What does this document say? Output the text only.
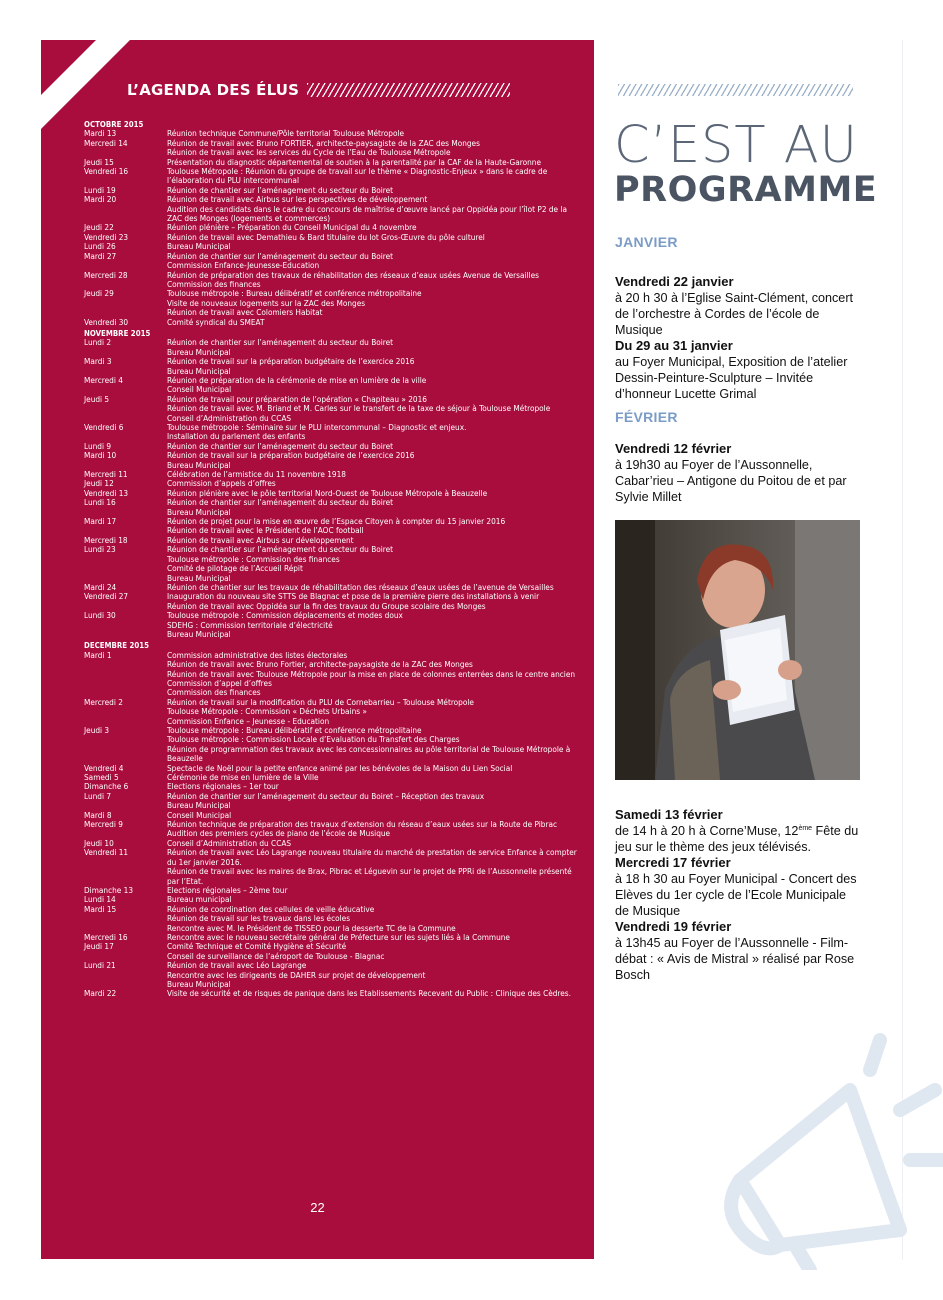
22
L’AGENDA DES ÉLUS
OCTOBRE 2015
Mardi 13	Réunion technique Commune/Pôle territorial Toulouse Métropole
Mercredi 14	Réunion de travail avec Bruno FORTIER, architecte-paysagiste de la ZAC des Monges
Réunion de travail avec les services du Cycle de l’Eau de Toulouse Métropole
Jeudi 15	Présentation du diagnostic départemental de soutien à la parentalité par la CAF de la Haute-Garonne
Vendredi 16	Toulouse Métropole : Réunion du groupe de travail sur le thème « Diagnostic-Enjeux » dans le cadre de l’élaboration du PLU intercommunal
Lundi 19	Réunion de chantier sur l’aménagement du secteur du Boiret
Mardi 20	Réunion de travail avec Airbus sur les perspectives de développement
Audition des candidats dans le cadre du concours de maîtrise d’œuvre lancé par Oppidéa pour l’îlot P2 de la ZAC des Monges (logements et commerces)
Jeudi 22	Réunion plénière – Préparation du Conseil Municipal du 4 novembre
Vendredi 23	Réunion de travail avec Demathieu & Bard titulaire du lot Gros-Œuvre du pôle culturel
Lundi 26	Bureau Municipal
Mardi 27	Réunion de chantier sur l’aménagement du secteur du Boiret
Commission Enfance-Jeunesse-Education
Mercredi 28	Réunion de préparation des travaux de réhabilitation des réseaux d’eaux usées Avenue de Versailles
Commission des finances
Jeudi 29	Toulouse métropole : Bureau délibératif et conférence métropolitaine
Visite de nouveaux logements sur la ZAC des Monges
Réunion de travail avec Colomiers Habitat
Vendredi 30	Comité syndical du SMEAT
NOVEMBRE 2015
Lundi 2	Réunion de chantier sur l’aménagement du secteur du Boiret
Bureau Municipal
Mardi 3	Réunion de travail sur la préparation budgétaire de l’exercice 2016
Bureau Municipal
Mercredi 4	Réunion de préparation de la cérémonie de mise en lumière de la ville
Conseil Municipal
Jeudi 5	Réunion de travail pour préparation de l’opération « Chapiteau » 2016
Réunion de travail avec M. Briand et M. Carles sur le transfert de la taxe de séjour à Toulouse Métropole
Conseil d’Administration du CCAS
Vendredi 6	Toulouse métropole : Séminaire sur le PLU intercommunal – Diagnostic et enjeux.
Installation du parlement des enfants
Lundi 9	Réunion de chantier sur l’aménagement du secteur du Boiret
Mardi 10	Réunion de travail sur la préparation budgétaire de l’exercice 2016
Bureau Municipal
Mercredi 11	Célébration de l’armistice du 11 novembre 1918
Jeudi 12	Commission d’appels d’offres
Vendredi 13	Réunion plénière avec le pôle territorial Nord-Ouest de Toulouse Métropole à Beauzelle
Lundi 16	Réunion de chantier sur l’aménagement du secteur du Boiret
Bureau Municipal
Mardi 17	Réunion de projet pour la mise en œuvre de l’Espace Citoyen à compter du 15 janvier 2016
Réunion de travail avec le Président de l’AOC football
Mercredi 18	Réunion de travail avec Airbus sur développement
Lundi 23	Réunion de chantier sur l’aménagement du secteur du Boiret
Toulouse métropole : Commission des finances
Comité de pilotage de l’Accueil Répit
Bureau Municipal
Mardi 24	Réunion de chantier sur les travaux de réhabilitation des réseaux d’eaux usées de l’avenue de Versailles
Vendredi 27	Inauguration du nouveau site STTS de Blagnac et pose de la première pierre des installations à venir
Réunion de travail avec Oppidéa sur la fin des travaux du Groupe scolaire des Monges
Lundi 30	Toulouse métropole : Commission déplacements et modes doux
SDEHG : Commission territoriale d’électricité
Bureau Municipal
DECEMBRE 2015
Mardi 1	Commission administrative des listes électorales
Réunion de travail avec Bruno Fortier, architecte-paysagiste de la ZAC des Monges
Réunion de travail avec Toulouse Métropole pour la mise en place de colonnes enterrées dans le centre ancien
Commission d’appel d’offres
Commission des finances
Mercredi 2	Réunion de travail sur la modification du PLU de Cornebarrieu – Toulouse Métropole
Toulouse Métropole : Commission « Déchets Urbains »
Commission Enfance – Jeunesse - Education
Jeudi 3	Toulouse métropole : Bureau délibératif et conférence métropolitaine
Toulouse métropole : Commission Locale d’Evaluation du Transfert des Charges
Réunion de programmation des travaux avec les concessionnaires au pôle territorial de Toulouse Métropole à Beauzelle
Vendredi 4	Spectacle de Noël pour la petite enfance animé par les bénévoles de la Maison du Lien Social
Samedi 5	Cérémonie de mise en lumière de la Ville
Dimanche 6	Elections régionales – 1er tour
Lundi 7	Réunion de chantier sur l’aménagement du secteur du Boiret – Réception des travaux
Bureau Municipal
Mardi 8	Conseil Municipal
Mercredi 9	Réunion technique de préparation des travaux d’extension du réseau d’eaux usées sur la Route de Pibrac
Audition des premiers cycles de piano de l’école de Musique
Jeudi 10	Conseil d’Administration du CCAS
Vendredi 11	Réunion de travail avec Léo Lagrange nouveau titulaire du marché de prestation de service Enfance à compter du 1er janvier 2016.
Réunion de travail avec les maires de Brax, Pibrac et Léguevin sur le projet de PPRi de l’Aussonnelle présenté par l’Etat.
Dimanche 13	Elections régionales – 2ème tour
Lundi 14	Bureau municipal
Mardi 15	Réunion de coordination des cellules de veille éducative
Réunion de travail sur les travaux dans les écoles
Rencontre avec M. le Président de TISSEO pour la desserte TC de la Commune
Mercredi 16	Rencontre avec le nouveau secrétaire général de Préfecture sur les sujets liés à la Commune
Jeudi 17	Comité Technique et Comité Hygiène et Sécurité
Conseil de surveillance de l’aéroport de Toulouse - Blagnac
Lundi 21	Réunion de travail avec Léo Lagrange
Rencontre avec les dirigeants de DAHER sur projet de développement
Bureau Municipal
Mardi 22	Visite de sécurité et de risques de panique dans les Etablissements Recevant du Public : Clinique des Cèdres.
C’EST AU
PROGRAMME
JANVIER
Vendredi 22 janvier
à 20 h 30 à l’Eglise Saint-Clément, concert de l’orchestre à Cordes de l’école de Musique
Du 29 au 31 janvier
au Foyer Municipal, Exposition de l’atelier Dessin-Peinture-Sculpture – Invitée d’honneur Lucette Grimal
FÉVRIER
Vendredi 12 février
à 19h30 au Foyer de l’Aussonnelle, Cabar’rieu – Antigone du Poitou de et par Sylvie Millet
Samedi 13 février
de 14 h à 20 h à Corne’Muse, 12ème Fête du jeu sur le thème des jeux télévisés.
Mercredi 17 février
à 18 h 30 au Foyer Municipal - Concert des Elèves du 1er cycle de l’Ecole Municipale de Musique
Vendredi 19 février
à 13h45 au Foyer de l’Aussonnelle - Film-débat : « Avis de Mistral » réalisé par Rose Bosch
